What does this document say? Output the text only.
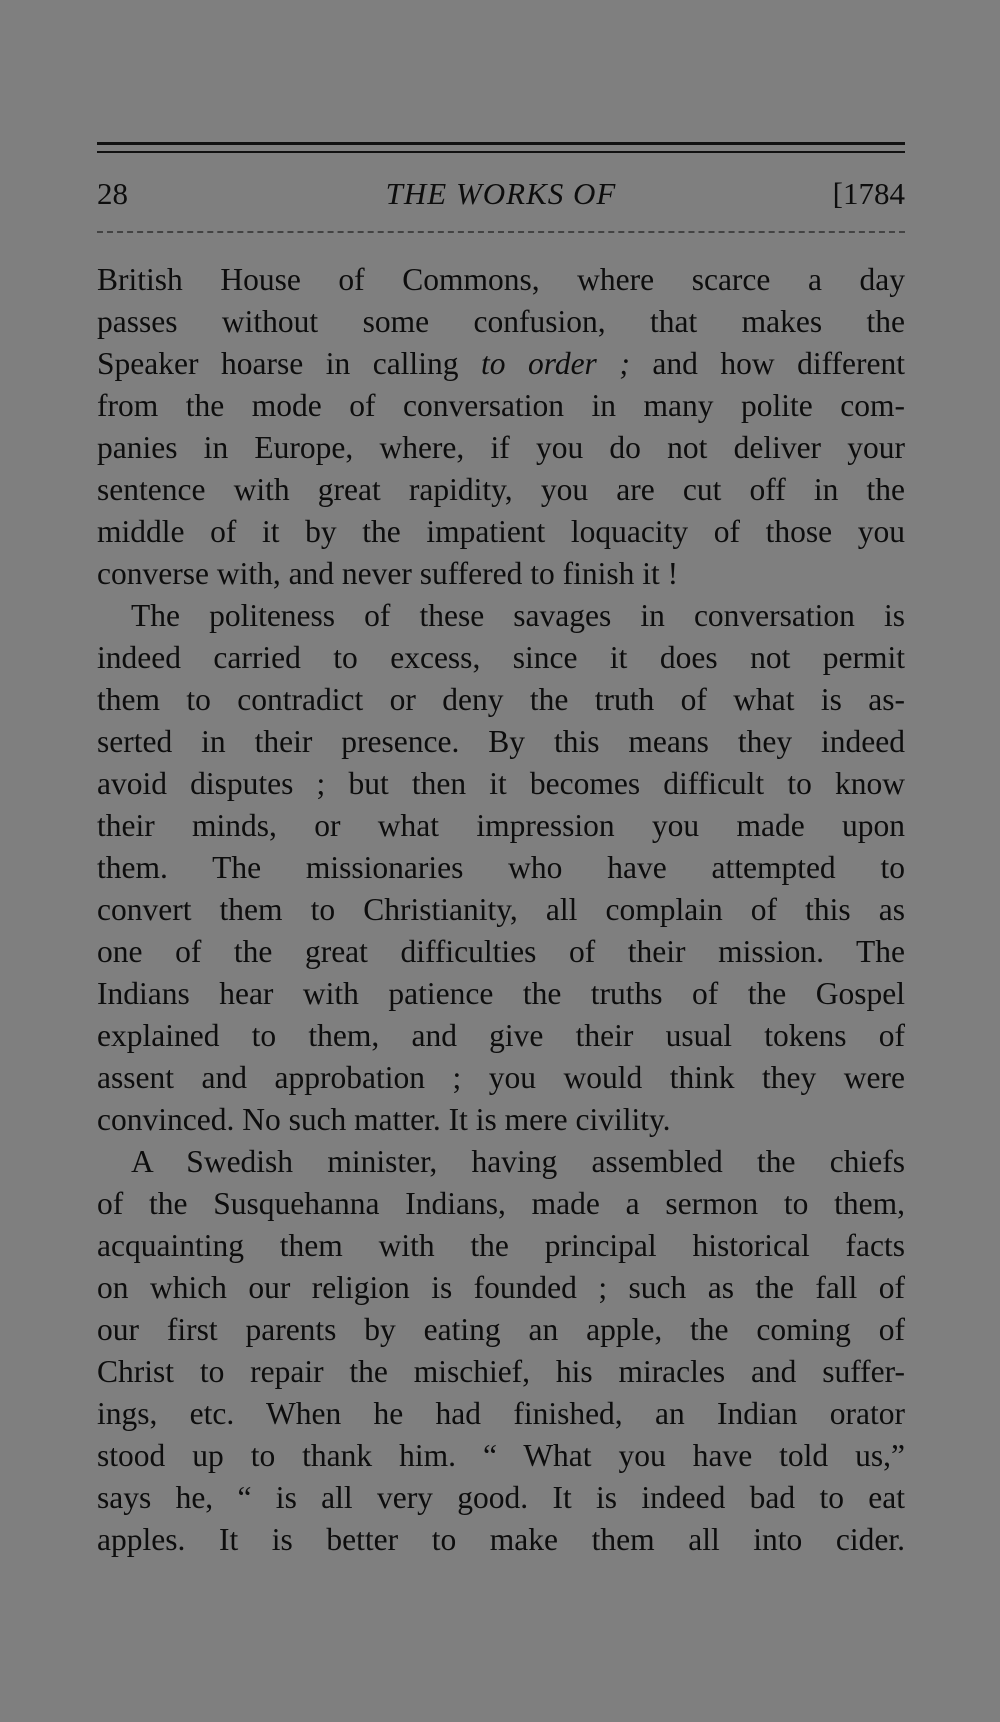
28	THE WORKS OF	[1784
British House of Commons, where scarce a day
passes without some confusion, that makes the
Speaker hoarse in calling to order ; and how different
from the mode of conversation in many polite com-
panies in Europe, where, if you do not deliver your
sentence with great rapidity, you are cut off in the
middle of it by the impatient loquacity of those you
converse with, and never suffered to finish it !
The politeness of these savages in conversation is
indeed carried to excess, since it does not permit
them to contradict or deny the truth of what is as-
serted in their presence. By this means they indeed
avoid disputes ; but then it becomes difficult to know
their minds, or what impression you made upon
them. The missionaries who have attempted to
convert them to Christianity, all complain of this as
one of the great difficulties of their mission. The
Indians hear with patience the truths of the Gospel
explained to them, and give their usual tokens of
assent and approbation ; you would think they were
convinced. No such matter. It is mere civility.
A Swedish minister, having assembled the chiefs
of the Susquehanna Indians, made a sermon to them,
acquainting them with the principal historical facts
on which our religion is founded ; such as the fall of
our first parents by eating an apple, the coming of
Christ to repair the mischief, his miracles and suffer-
ings, etc. When he had finished, an Indian orator
stood up to thank him. “ What you have told us,”
says he, “ is all very good. It is indeed bad to eat
apples. It is better to make them all into cider.
